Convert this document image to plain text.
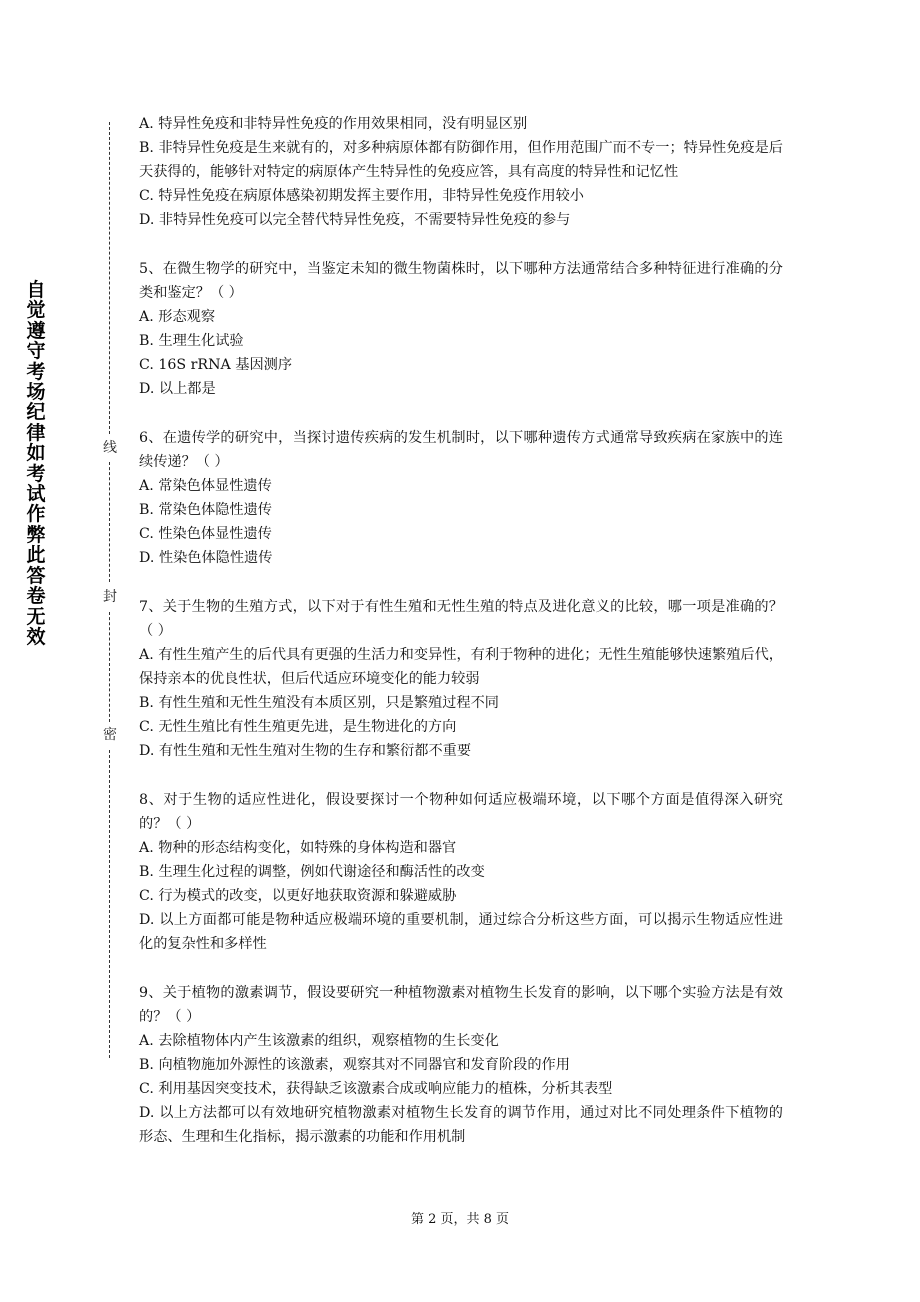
自觉遵守考场纪律如考试作弊此答卷无效
线
封
密

A. 特异性免疫和非特异性免疫的作用效果相同，没有明显区别

B. 非特异性免疫是生来就有的，对多种病原体都有防御作用，但作用范围广而不专一；特异性免疫是后天获得的，能够针对特定的病原体产生特异性的免疫应答，具有高度的特异性和记忆性

C. 特异性免疫在病原体感染初期发挥主要作用，非特异性免疫作用较小

D. 非特异性免疫可以完全替代特异性免疫，不需要特异性免疫的参与

5、在微生物学的研究中，当鉴定未知的微生物菌株时，以下哪种方法通常结合多种特征进行准确的分类和鉴定？（ ）

A. 形态观察

B. 生理生化试验

C. 16S rRNA 基因测序

D. 以上都是

6、在遗传学的研究中，当探讨遗传疾病的发生机制时，以下哪种遗传方式通常导致疾病在家族中的连续传递？（ ）

A. 常染色体显性遗传

B. 常染色体隐性遗传

C. 性染色体显性遗传

D. 性染色体隐性遗传

7、关于生物的生殖方式，以下对于有性生殖和无性生殖的特点及进化意义的比较，哪一项是准确的？（ ）

A. 有性生殖产生的后代具有更强的生活力和变异性，有利于物种的进化；无性生殖能够快速繁殖后代，保持亲本的优良性状，但后代适应环境变化的能力较弱

B. 有性生殖和无性生殖没有本质区别，只是繁殖过程不同

C. 无性生殖比有性生殖更先进，是生物进化的方向

D. 有性生殖和无性生殖对生物的生存和繁衍都不重要

8、对于生物的适应性进化，假设要探讨一个物种如何适应极端环境，以下哪个方面是值得深入研究的？（ ）

A. 物种的形态结构变化，如特殊的身体构造和器官

B. 生理生化过程的调整，例如代谢途径和酶活性的改变

C. 行为模式的改变，以更好地获取资源和躲避威胁

D. 以上方面都可能是物种适应极端环境的重要机制，通过综合分析这些方面，可以揭示生物适应性进化的复杂性和多样性

9、关于植物的激素调节，假设要研究一种植物激素对植物生长发育的影响，以下哪个实验方法是有效的？（ ）

A. 去除植物体内产生该激素的组织，观察植物的生长变化

B. 向植物施加外源性的该激素，观察其对不同器官和发育阶段的作用

C. 利用基因突变技术，获得缺乏该激素合成或响应能力的植株，分析其表型

D. 以上方法都可以有效地研究植物激素对植物生长发育的调节作用，通过对比不同处理条件下植物的形态、生理和生化指标，揭示激素的功能和作用机制

第 2 页，共 8 页
